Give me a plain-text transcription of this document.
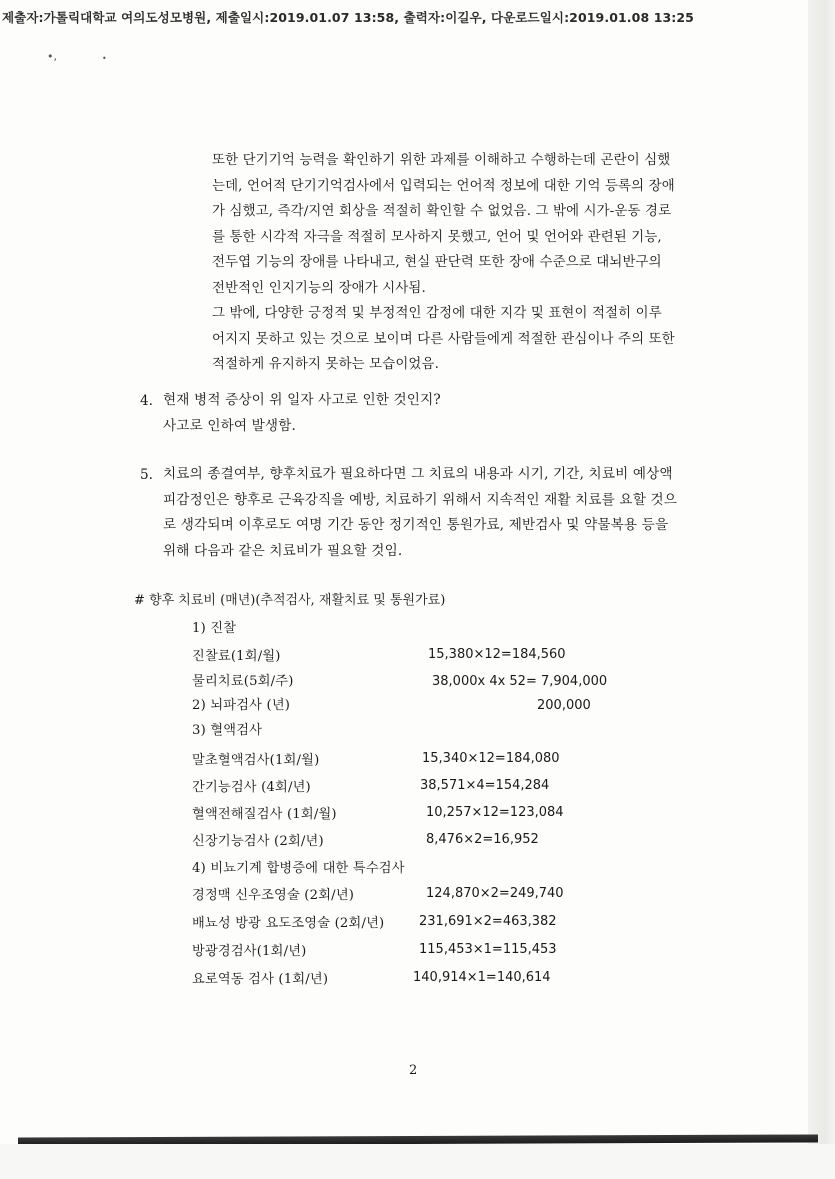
제출자:가톨릭대학교 여의도성모병원, 제출일시:2019.01.07 13:58, 출력자:이길우, 다운로드일시:2019.01.08 13:25
•,	•
또한 단기기억 능력을 확인하기 위한 과제를 이해하고 수행하는데 곤란이 심했
는데, 언어적 단기기억검사에서 입력되는 언어적 정보에 대한 기억 등록의 장애
가 심했고, 즉각/지연 회상을 적절히 확인할 수 없었음. 그 밖에 시가-운동 경로
를 통한 시각적 자극을 적절히 모사하지 못했고, 언어 및 언어와 관련된 기능,
전두엽 기능의 장애를 나타내고, 현실 판단력 또한 장애 수준으로 대뇌반구의
전반적인 인지기능의 장애가 시사됨.
그 밖에, 다양한 긍정적 및 부정적인 감정에 대한 지각 및 표현이 적절히 이루
어지지 못하고 있는 것으로 보이며 다른 사람들에게 적절한 관심이나 주의 또한
적절하게 유지하지 못하는 모습이었음.
4. 현재 병적 증상이 위 일자 사고로 인한 것인지?
사고로 인하여 발생함.
5. 치료의 종결여부, 향후치료가 필요하다면 그 치료의 내용과 시기, 기간, 치료비 예상액
피감정인은 향후로 근육강직을 예방, 치료하기 위해서 지속적인 재활 치료를 요할 것으
로 생각되며 이후로도 여명 기간 동안 정기적인 통원가료, 제반검사 및 약물복용 등을
위해 다음과 같은 치료비가 필요할 것임.
# 향후 치료비 (매년)(추적검사, 재활치료 및 통원가료)
1) 진찰
진찰료(1회/월)	15,380×12=184,560
물리치료(5회/주)	38,000x 4x 52= 7,904,000
2) 뇌파검사 (년)	200,000
3) 혈액검사
말초혈액검사(1회/월)	15,340×12=184,080
간기능검사 (4회/년)	38,571×4=154,284
혈액전해질검사 (1회/월)	10,257×12=123,084
신장기능검사 (2회/년)	8,476×2=16,952
4) 비뇨기계 합병증에 대한 특수검사
경정맥 신우조영술 (2회/년)	124,870×2=249,740
배뇨성 방광 요도조영술 (2회/년)	231,691×2=463,382
방광경검사(1회/년)	115,453×1=115,453
요로역동 검사 (1회/년)	140,914×1=140,614
2
